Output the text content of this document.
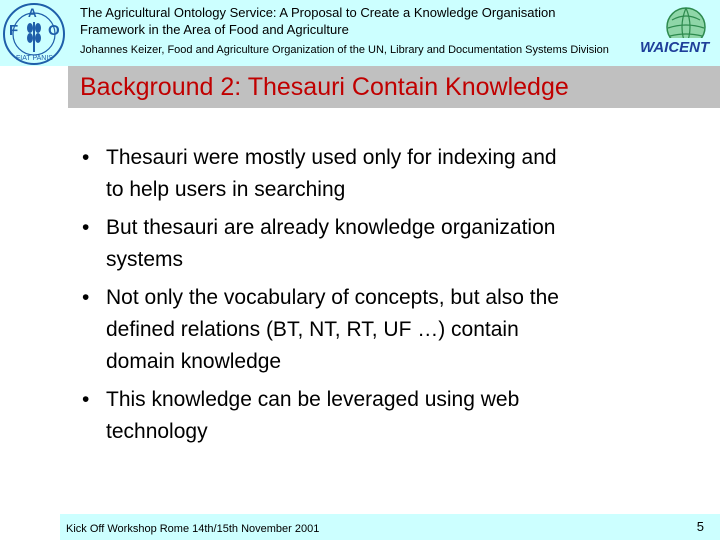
F
A
O
FIAT PANIS
The Agricultural Ontology Service: A Proposal to Create a Knowledge Organisation
Framework in the Area of Food and Agriculture
Johannes Keizer, Food and Agriculture Organization of the UN, Library and Documentation Systems Division	WAICENT
Background 2: Thesauri Contain Knowledge
• Thesauri were mostly used only for indexing and
to help users in searching
• But thesauri are already knowledge organization
systems
• Not only the vocabulary of concepts, but also the
defined relations (BT, NT, RT, UF …) contain
domain knowledge
• This knowledge can be leveraged using web
technology
Kick Off Workshop Rome 14th/15th November 2001	5
